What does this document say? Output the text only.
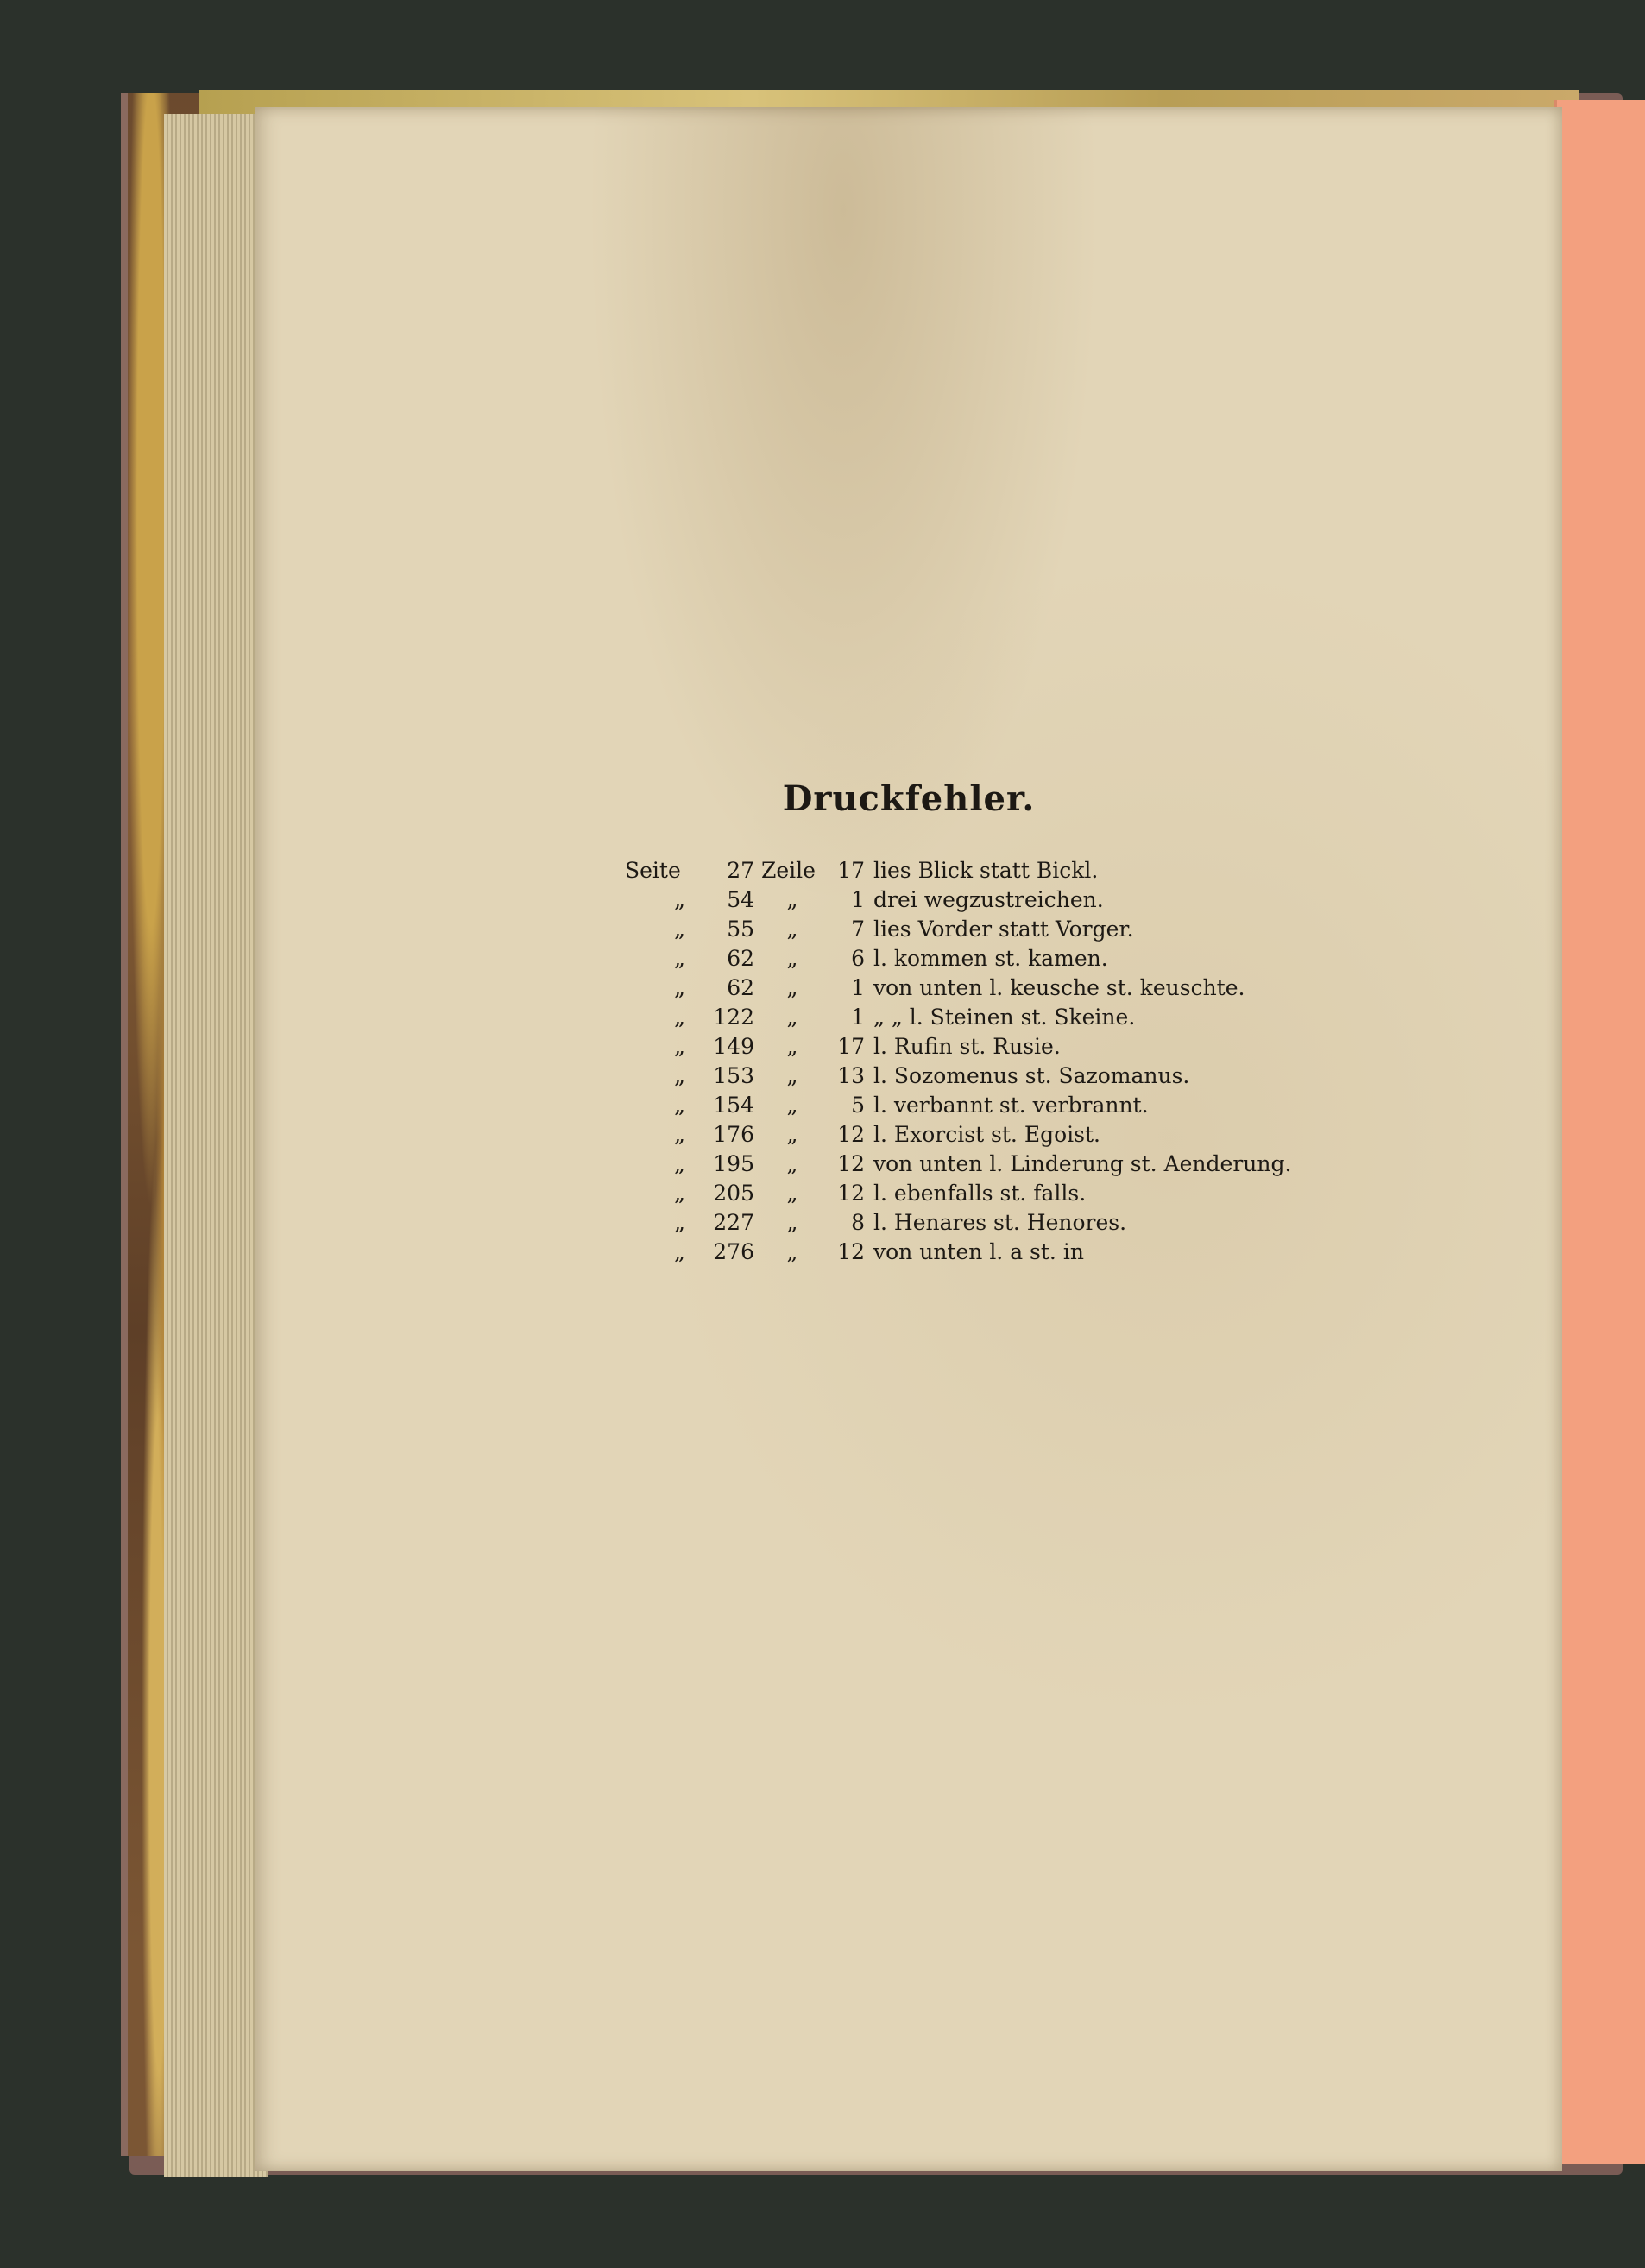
Druckfehler.
Seite	27 Zeile	17 lies Blick statt Bickl.
„	54	„	1 drei wegzustreichen.
„	55	„	7 lies Vorder statt Vorger.
„	62	„	6 l. kommen st. kamen.
„	62	„	1 von unten l. keusche st. keuschte.
„	122	„	1 „ „ l. Steinen st. Skeine.
„	149	„	17 l. Rufin st. Rusie.
„	153	„	13 l. Sozomenus st. Sazomanus.
„	154	„	5 l. verbannt st. verbrannt.
„	176	„	12 l. Exorcist st. Egoist.
„	195	„	12 von unten l. Linderung st. Aenderung.
„	205	„	12 l. ebenfalls st. falls.
„	227	„	8 l. Henares st. Henores.
„	276	„	12 von unten l. a st. in
